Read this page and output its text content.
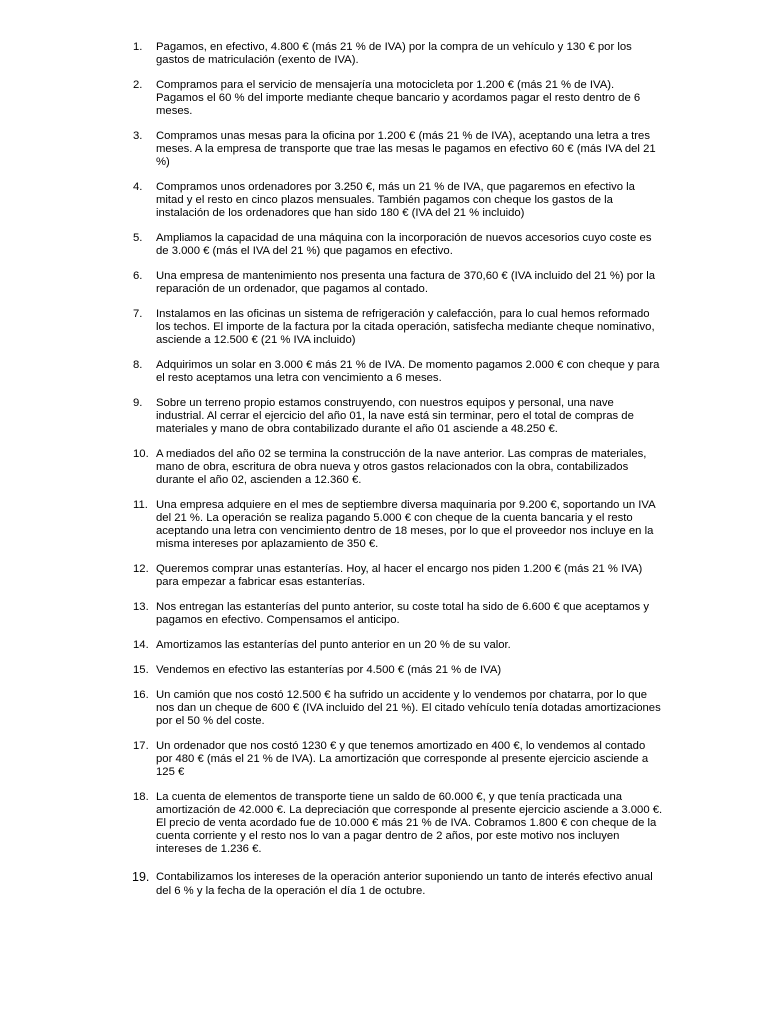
1.	Pagamos, en efectivo, 4.800 € (más 21 % de IVA) por la compra de un vehículo y 130 € por los gastos de matriculación (exento de IVA).
2.	Compramos para el servicio de mensajería una motocicleta por 1.200 € (más 21 % de IVA). Pagamos el 60 % del importe mediante cheque bancario y acordamos pagar el resto dentro de 6 meses.
3.	Compramos unas mesas para la oficina por 1.200 € (más 21 % de IVA), aceptando una letra a tres meses. A la empresa de transporte que trae las mesas le pagamos en efectivo 60 € (más IVA del 21 %)
4.	Compramos unos ordenadores por 3.250 €, más un 21 % de IVA, que pagaremos en efectivo la mitad y el resto en cinco plazos mensuales. También pagamos con cheque los gastos de la instalación de los ordenadores que han sido 180 € (IVA del 21 % incluido)
5.	Ampliamos la capacidad de una máquina con la incorporación de nuevos accesorios cuyo coste es de 3.000 € (más el IVA del 21 %) que pagamos en efectivo.
6.	Una empresa de mantenimiento nos presenta una factura de 370,60 € (IVA incluido del 21 %) por la reparación de un ordenador, que pagamos al contado.
7.	Instalamos en las oficinas un sistema de refrigeración y calefacción, para lo cual hemos reformado los techos. El importe de la factura por la citada operación, satisfecha mediante cheque nominativo, asciende a 12.500 € (21 % IVA incluido)
8.	Adquirimos un solar en 3.000 € más 21 % de IVA. De momento pagamos 2.000 € con cheque y para el resto aceptamos una letra con vencimiento a 6 meses.
9.	Sobre un terreno propio estamos construyendo, con nuestros equipos y personal, una nave industrial. Al cerrar el ejercicio del año 01, la nave está sin terminar, pero el total de compras de materiales y mano de obra contabilizado durante el año 01 asciende a 48.250 €.
10. A mediados del año 02 se termina la construcción de la nave anterior. Las compras de materiales, mano de obra, escritura de obra nueva y otros gastos relacionados con la obra, contabilizados durante el año 02, ascienden a 12.360 €.
11. Una empresa adquiere en el mes de septiembre diversa maquinaria por 9.200 €, soportando un IVA del 21 %. La operación se realiza pagando 5.000 € con cheque de la cuenta bancaria y el resto aceptando una letra con vencimiento dentro de 18 meses, por lo que el proveedor nos incluye en la misma intereses por aplazamiento de 350 €.
12. Queremos comprar unas estanterías. Hoy, al hacer el encargo nos piden 1.200 € (más 21 % IVA) para empezar a fabricar esas estanterías.
13. Nos entregan las estanterías del punto anterior, su coste total ha sido de 6.600 € que aceptamos y pagamos en efectivo. Compensamos el anticipo.
14. Amortizamos las estanterías del punto anterior en un 20 % de su valor.
15. Vendemos en efectivo las estanterías por 4.500 € (más 21 % de IVA)
16. Un camión que nos costó 12.500 € ha sufrido un accidente y lo vendemos por chatarra, por lo que nos dan un cheque de 600 € (IVA incluido del 21 %). El citado vehículo tenía dotadas amortizaciones por el 50 % del coste.
17. Un ordenador que nos costó 1230 € y que tenemos amortizado en 400 €, lo vendemos al contado por 480 € (más el 21 % de IVA). La amortización que corresponde al presente ejercicio asciende a 125 €
18. La cuenta de elementos de transporte tiene un saldo de 60.000 €, y que tenía practicada una amortización de 42.000 €. La depreciación que corresponde al presente ejercicio asciende a 3.000 €. El precio de venta acordado fue de 10.000 € más 21 % de IVA. Cobramos 1.800 € con cheque de la cuenta corriente y el resto nos lo van a pagar dentro de 2 años, por este motivo nos incluyen intereses de 1.236 €.
19. Contabilizamos los intereses de la operación anterior suponiendo un tanto de interés efectivo anual del 6 % y la fecha de la operación el día 1 de octubre.
